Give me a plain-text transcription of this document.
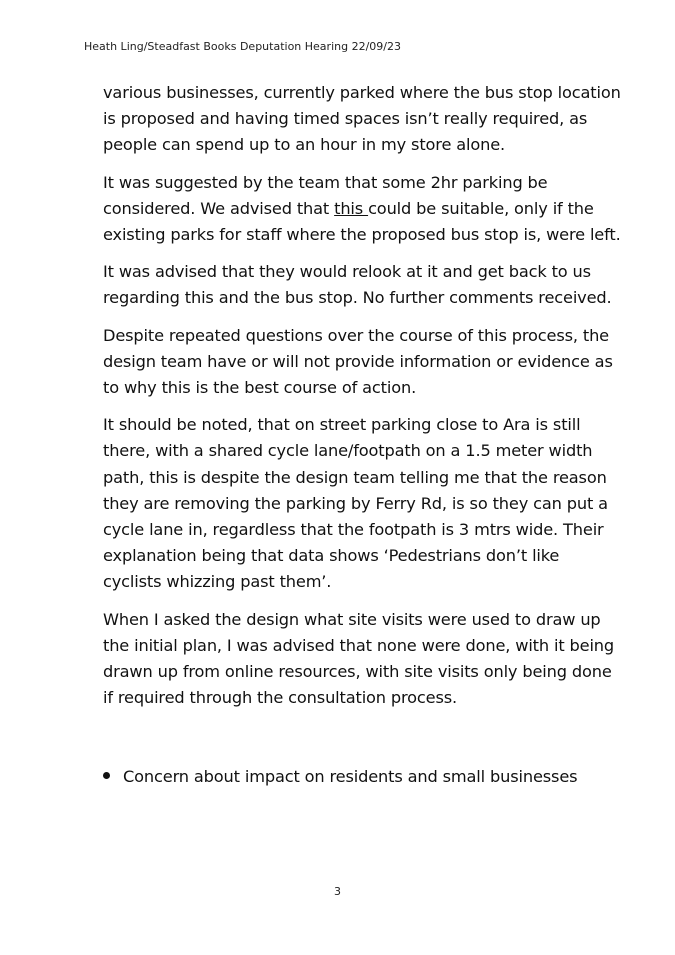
Heath Ling/Steadfast Books Deputation Hearing 22/09/23

various businesses, currently parked where the bus stop location
is proposed and having timed spaces isn’t really required, as
people can spend up to an hour in my store alone.

It was suggested by the team that some 2hr parking be
considered. We advised that this could be suitable, only if the
existing parks for staff where the proposed bus stop is, were left.

It was advised that they would relook at it and get back to us
regarding this and the bus stop. No further comments received.

Despite repeated questions over the course of this process, the
design team have or will not provide information or evidence as
to why this is the best course of action.

It should be noted, that on street parking close to Ara is still
there, with a shared cycle lane/footpath on a 1.5 meter width
path, this is despite the design team telling me that the reason
they are removing the parking by Ferry Rd, is so they can put a
cycle lane in, regardless that the footpath is 3 mtrs wide. Their
explanation being that data shows ‘Pedestrians don’t like
cyclists whizzing past them’.

When I asked the design what site visits were used to draw up
the initial plan, I was advised that none were done, with it being
drawn up from online resources, with site visits only being done
if required through the consultation process.

Concern about impact on residents and small businesses
3
